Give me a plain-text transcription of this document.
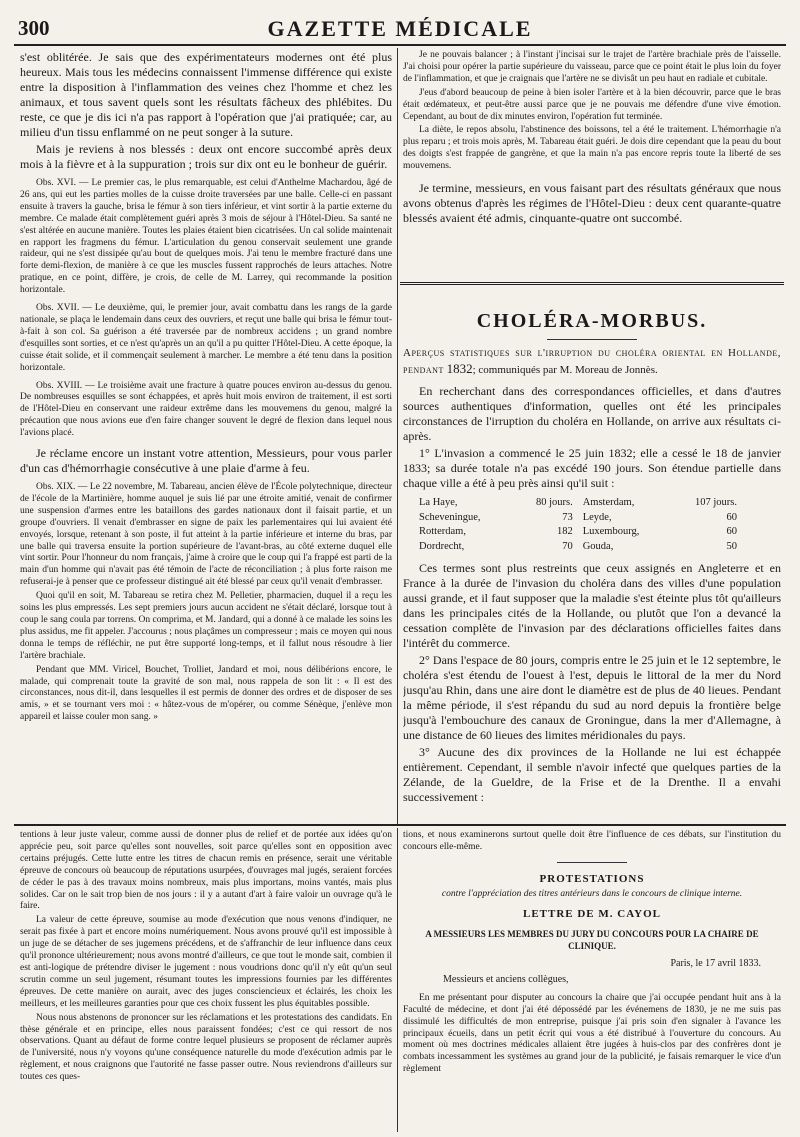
300	GAZETTE MÉDICALE

s'est oblitérée. Je sais que des expérimentateurs modernes ont été plus heureux. Mais tous les médecins connaissent l'immense différence qui existe entre la disposition à l'inflammation des veines chez l'homme et chez les animaux, et tous savent quels sont les résultats fâcheux des phlébites. Du reste, ce que je dis ici n'a pas rapport à l'opération que j'ai pratiquée; car, au milieu d'un tissu enflammé on ne peut songer à la suture.

Mais je reviens à nos blessés : deux ont encore succombé après deux mois à la fièvre et à la suppuration ; trois sur dix ont eu le bonheur de guérir.

Obs. XVI. — Le premier cas, le plus remarquable, est celui d'Anthelme Machardou, âgé de 26 ans, qui eut les parties molles de la cuisse droite traversées par une balle. Celle-ci en passant ensuite à travers la gauche, brisa le fémur à son tiers inférieur, et vint sortir à la partie externe du membre. Ce malade était complètement guéri après 3 mois de séjour à l'Hôtel-Dieu. Sa santé ne s'est altérée en aucune manière. Toutes les plaies étaient bien cicatrisées. Un cal solide maintenait en rapport les fragmens du fémur. L'articulation du genou conservait seulement une grande raideur, qui ne s'est dissipée qu'au bout de quelques mois. J'ai tenu le membre fracturé dans une forte demi-flexion, de manière à ce que les muscles fussent rapprochés de leurs attaches. Notre pratique, en ce point, diffère, je crois, de celle de M. Larrey, qui recommande la position horizontale.

Obs. XVII. — Le deuxième, qui, le premier jour, avait combattu dans les rangs de la garde nationale, se plaça le lendemain dans ceux des ouvriers, et reçut une balle qui brisa le fémur tout-à-fait à son col. Sa guérison a été traversée par de nombreux accidens ; un grand nombre d'esquilles sont sorties, et ce n'est qu'après un an qu'il a pu quitter l'Hôtel-Dieu. A cette époque, la cuisse était solide, et il commençait seulement à marcher. Le membre a été tenu dans la position horizontale.

Obs. XVIII. — Le troisième avait une fracture à quatre pouces environ au-dessus du genou. De nombreuses esquilles se sont échappées, et après huit mois environ de traitement, il est sorti de l'Hôtel-Dieu en conservant une raideur extrême dans les mouvemens du genou, malgré la précaution que nous avions eue d'en faire changer souvent le degré de flexion dans lequel nous l'avions placé.

Je réclame encore un instant votre attention, Messieurs, pour vous parler d'un cas d'hémorrhagie consécutive à une plaie d'arme à feu.

Obs. XIX. — Le 22 novembre, M. Tabareau, ancien élève de l'École polytechnique, directeur de l'école de la Martinière, homme auquel je suis lié par une étroite amitié, venait de confirmer une suspension d'armes entre les bataillons des gardes nationaux dont il faisait partie, et un groupe d'ouvriers. Il venait d'embrasser en signe de paix les parlementaires qui lui avaient été envoyés, lorsque, retenant à son poste, il fut atteint à la partie inférieure et interne du bras, par une balle qui traversa ensuite la portion supérieure de l'avant-bras, au côté externe duquel elle vint sortir. Pour l'honneur du nom français, j'aime à croire que le coup qui l'a frappé est parti de la main d'un homme qui n'avait pas été témoin de l'acte de réconciliation ; à plus forte raison me refuserai-je à penser que ce professeur distingué ait été blessé par ceux qu'il venait d'embrasser.

Quoi qu'il en soit, M. Tabareau se retira chez M. Pelletier, pharmacien, duquel il a reçu les soins les plus empressés. Les sept premiers jours aucun accident ne s'était déclaré, lorsque tout à coup le sang coula par torrens. On comprima, et M. Jandard, qui a donné à ce malade les soins les plus assidus, me fit appeler. J'accourus ; nous plaçâmes un compresseur ; mais ce moyen qui nous donna le temps de réfléchir, ne put être supporté long-temps, et il fallut nous résoudre à lier l'artère brachiale.

Pendant que MM. Viricel, Bouchet, Trolliet, Jandard et moi, nous délibérions encore, le malade, qui comprenait toute la gravité de son mal, nous rappela de son lit : « Il est des circonstances, nous dit-il, dans lesquelles il est permis de donner des ordres et de disposer de ses amis, » et se tournant vers moi : « hâtez-vous de m'opérer, ou comme Sénèque, j'enlève mon appareil et laisse couler mon sang. »

Je ne pouvais balancer ; à l'instant j'incisai sur le trajet de l'artère brachiale près de l'aisselle. J'ai choisi pour opérer la partie supérieure du vaisseau, parce que ce point était le plus loin du foyer de l'inflammation, et que je craignais que l'artère ne se divisât un peu haut en radiale et cubitale.

J'eus d'abord beaucoup de peine à bien isoler l'artère et à la bien découvrir, parce que le bras était œdémateux, et peut-être aussi parce que je ne pouvais me défendre d'une vive émotion. Cependant, au bout de dix minutes environ, l'opération fut terminée.

La diète, le repos absolu, l'abstinence des boissons, tel a été le traitement. L'hémorrhagie n'a plus reparu ; et trois mois après, M. Tabareau était guéri. Je dois dire cependant que la peau du bout des doigts s'est frappée de gangrène, et que la main n'a pas encore repris toute la liberté de ses mouvemens.

Je termine, messieurs, en vous faisant part des résultats généraux que nous avons obtenus d'après les régimes de l'Hôtel-Dieu : deux cent quarante-quatre blessés avaient été admis, cinquante-quatre ont succombé.

CHOLÉRA-MORBUS.

Aperçus statistiques sur l'irruption du choléra oriental en Hollande, pendant 1832; communiqués par M. Moreau de Jonnès.

En recherchant dans des correspondances officielles, et dans d'autres sources authentiques d'information, quelles ont été les principales circonstances de l'irruption du choléra en Hollande, on arrive aux résultats ci-après.

1° L'invasion a commencé le 25 juin 1832; elle a cessé le 18 de janvier 1833; sa durée totale n'a pas excédé 190 jours. Son étendue partielle dans chaque ville a été à peu près ainsi qu'il suit :

La Haye,	80 jours.	Amsterdam,	107 jours.
Scheveningue,	73	Leyde,	60
Rotterdam,	182	Luxembourg,	60
Dordrecht,	70	Gouda,	50

Ces termes sont plus restreints que ceux assignés en Angleterre et en France à la durée de l'invasion du choléra dans des villes d'une population aussi grande, et il faut supposer que la maladie s'est éteinte plus tôt qu'ailleurs dans les principales cités de la Hollande, ou plutôt que l'on a devancé la cessation complète de l'invasion par des déclarations officielles faites dans l'intérêt du commerce.

2° Dans l'espace de 80 jours, compris entre le 25 juin et le 12 septembre, le choléra s'est étendu de l'ouest à l'est, depuis le littoral de la mer du Nord jusqu'au Rhin, dans une aire dont le diamètre est de plus de 40 lieues. Pendant la même période, il s'est répandu du sud au nord depuis la frontière belge jusqu'à l'embouchure des canaux de Groningue, dans la mer d'Allemagne, à une distance de 60 lieues des limites méridionales du pays.

3° Aucune des dix provinces de la Hollande ne lui est échappée entièrement. Cependant, il semble n'avoir infecté que quelques parties de la Zélande, de la Gueldre, de la Frise et de la Drenthe. Il a envahi successivement :

tentions à leur juste valeur, comme aussi de donner plus de relief et de portée aux idées qu'on apprécie peu, soit parce qu'elles sont nouvelles, soit parce qu'elles sont en opposition avec certains préjugés. Cette lutte entre les titres de chacun remis en présence, serait une véritable épreuve de concours où beaucoup de réputations usurpées, d'ouvrages mal jugés, seraient forcées de céder le pas à des travaux moins nombreux, mais plus importans, moins vantés, mais plus solides. Car on le sait trop bien de nos jours : il y a autant d'art à faire valoir un ouvrage qu'à le faire.

La valeur de cette épreuve, soumise au mode d'exécution que nous venons d'indiquer, ne serait pas fixée à part et encore moins numériquement. Nous avons prouvé qu'il est impossible à un juge de se détacher de ses jugemens précédens, et de s'affranchir de leur influence dans ceux qu'il prononce ultérieurement; nous avons montré d'ailleurs, ce que tout le monde sait, combien il est anti-logique de prétendre diviser le jugement : nous voudrions donc qu'il n'y eût qu'un seul scrutin comme un seul jugement, résumant toutes les impressions fournies par les différentes épreuves. De cette manière on aurait, avec des juges consciencieux et éclairés, les choix les meilleurs, et les meilleures garanties pour que ces choix fussent les plus équitables possible.

Nous nous abstenons de prononcer sur les réclamations et les protestations des candidats. En thèse générale et en principe, elles nous paraissent fondées; c'est ce qui ressort de nos observations. Quant au défaut de forme contre lequel plusieurs se proposent de réclamer auprès de l'université, nous n'y voyons qu'une conséquence naturelle du mode d'exécution admis par le règlement, et nous craignons que l'autorité ne fasse passer outre. Nous reviendrons d'ailleurs sur toutes ces ques-

tions, et nous examinerons surtout quelle doit être l'influence de ces débats, sur l'institution du concours elle-même.

PROTESTATIONS
contre l'appréciation des titres antérieurs dans le concours de clinique interne.
LETTRE DE M. CAYOL
A MESSIEURS LES MEMBRES DU JURY DU CONCOURS POUR LA CHAIRE DE CLINIQUE.
Paris, le 17 avril 1833.
Messieurs et anciens collègues,

En me présentant pour disputer au concours la chaire que j'ai occupée pendant huit ans à la Faculté de médecine, et dont j'ai été dépossédé par les événemens de 1830, je ne me suis pas dissimulé les difficultés de mon entreprise, puisque j'ai pris soin d'en signaler à l'avance les principaux écueils, dans un petit écrit qui vous a été distribué à l'ouverture du concours. Au moment où mes doctrines médicales allaient être jugées à huis-clos par des confrères dont je combats incessamment les systèmes au grand jour de la publicité, je faisais remarquer le vice d'un règlement
